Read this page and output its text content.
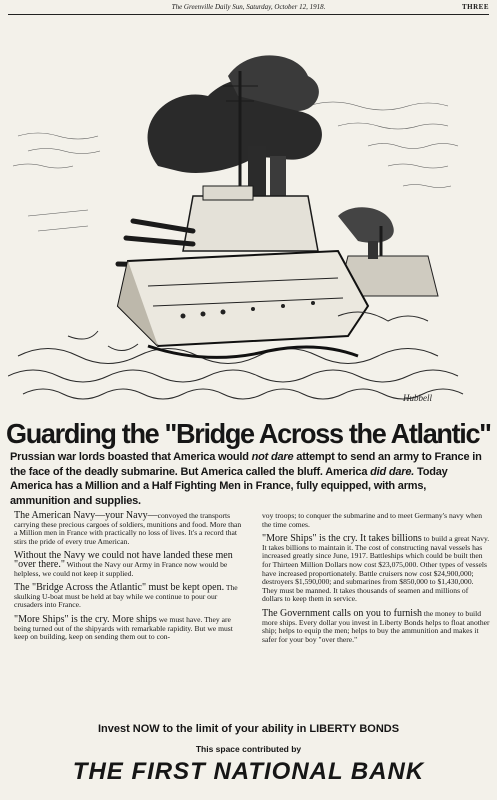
The Greenville Daily Sun, Saturday, October 12, 1918.	THREE
Hubbell
Guarding the "Bridge Across the Atlantic"
Prussian war lords boasted that America would not dare attempt to send an army to France in the face of the deadly submarine. But America called the bluff. America did dare. Today America has a Million and a Half Fighting Men in France, fully equipped, with arms, ammunition and supplies.

The American Navy—your Navy—convoyed the transports carrying these precious cargoes of soldiers, munitions and food. More than a Million men in France with practically no loss of lives. It's a record that stirs the pride of every true American.

Without the Navy we could not have landed these men "over there." Without the Navy our Army in France now would be helpless, we could not keep it supplied.

The "Bridge Across the Atlantic" must be kept open. The skulking U-boat must be held at bay while we continue to pour our crusaders into France.

"More Ships" is the cry. More ships we must have. They are being turned out of the shipyards with remarkable rapidity. But we must keep on building, keep on sending them out to con-

voy troops; to conquer the submarine and to meet Germany's navy when the time comes.

"More Ships" is the cry. It takes billions to build a great Navy. It takes billions to maintain it. The cost of constructing naval vessels has increased greatly since June, 1917. Battleships which could be built then for Thirteen Million Dollars now cost $23,075,000. Other types of vessels have increased proportionately. Battle cruisers now cost $24,900,000; destroyers $1,590,000; and submarines from $850,000 to $1,430,000. They must be manned. It takes thousands of seamen and millions of dollars to keep them in service.

The Government calls on you to furnish the money to build more ships. Every dollar you invest in Liberty Bonds helps to float another ship; helps to equip the men; helps to buy the ammunition and makes it safer for your boy "over there."

Invest NOW to the limit of your ability in LIBERTY BONDS
This space contributed by
THE FIRST NATIONAL BANK
